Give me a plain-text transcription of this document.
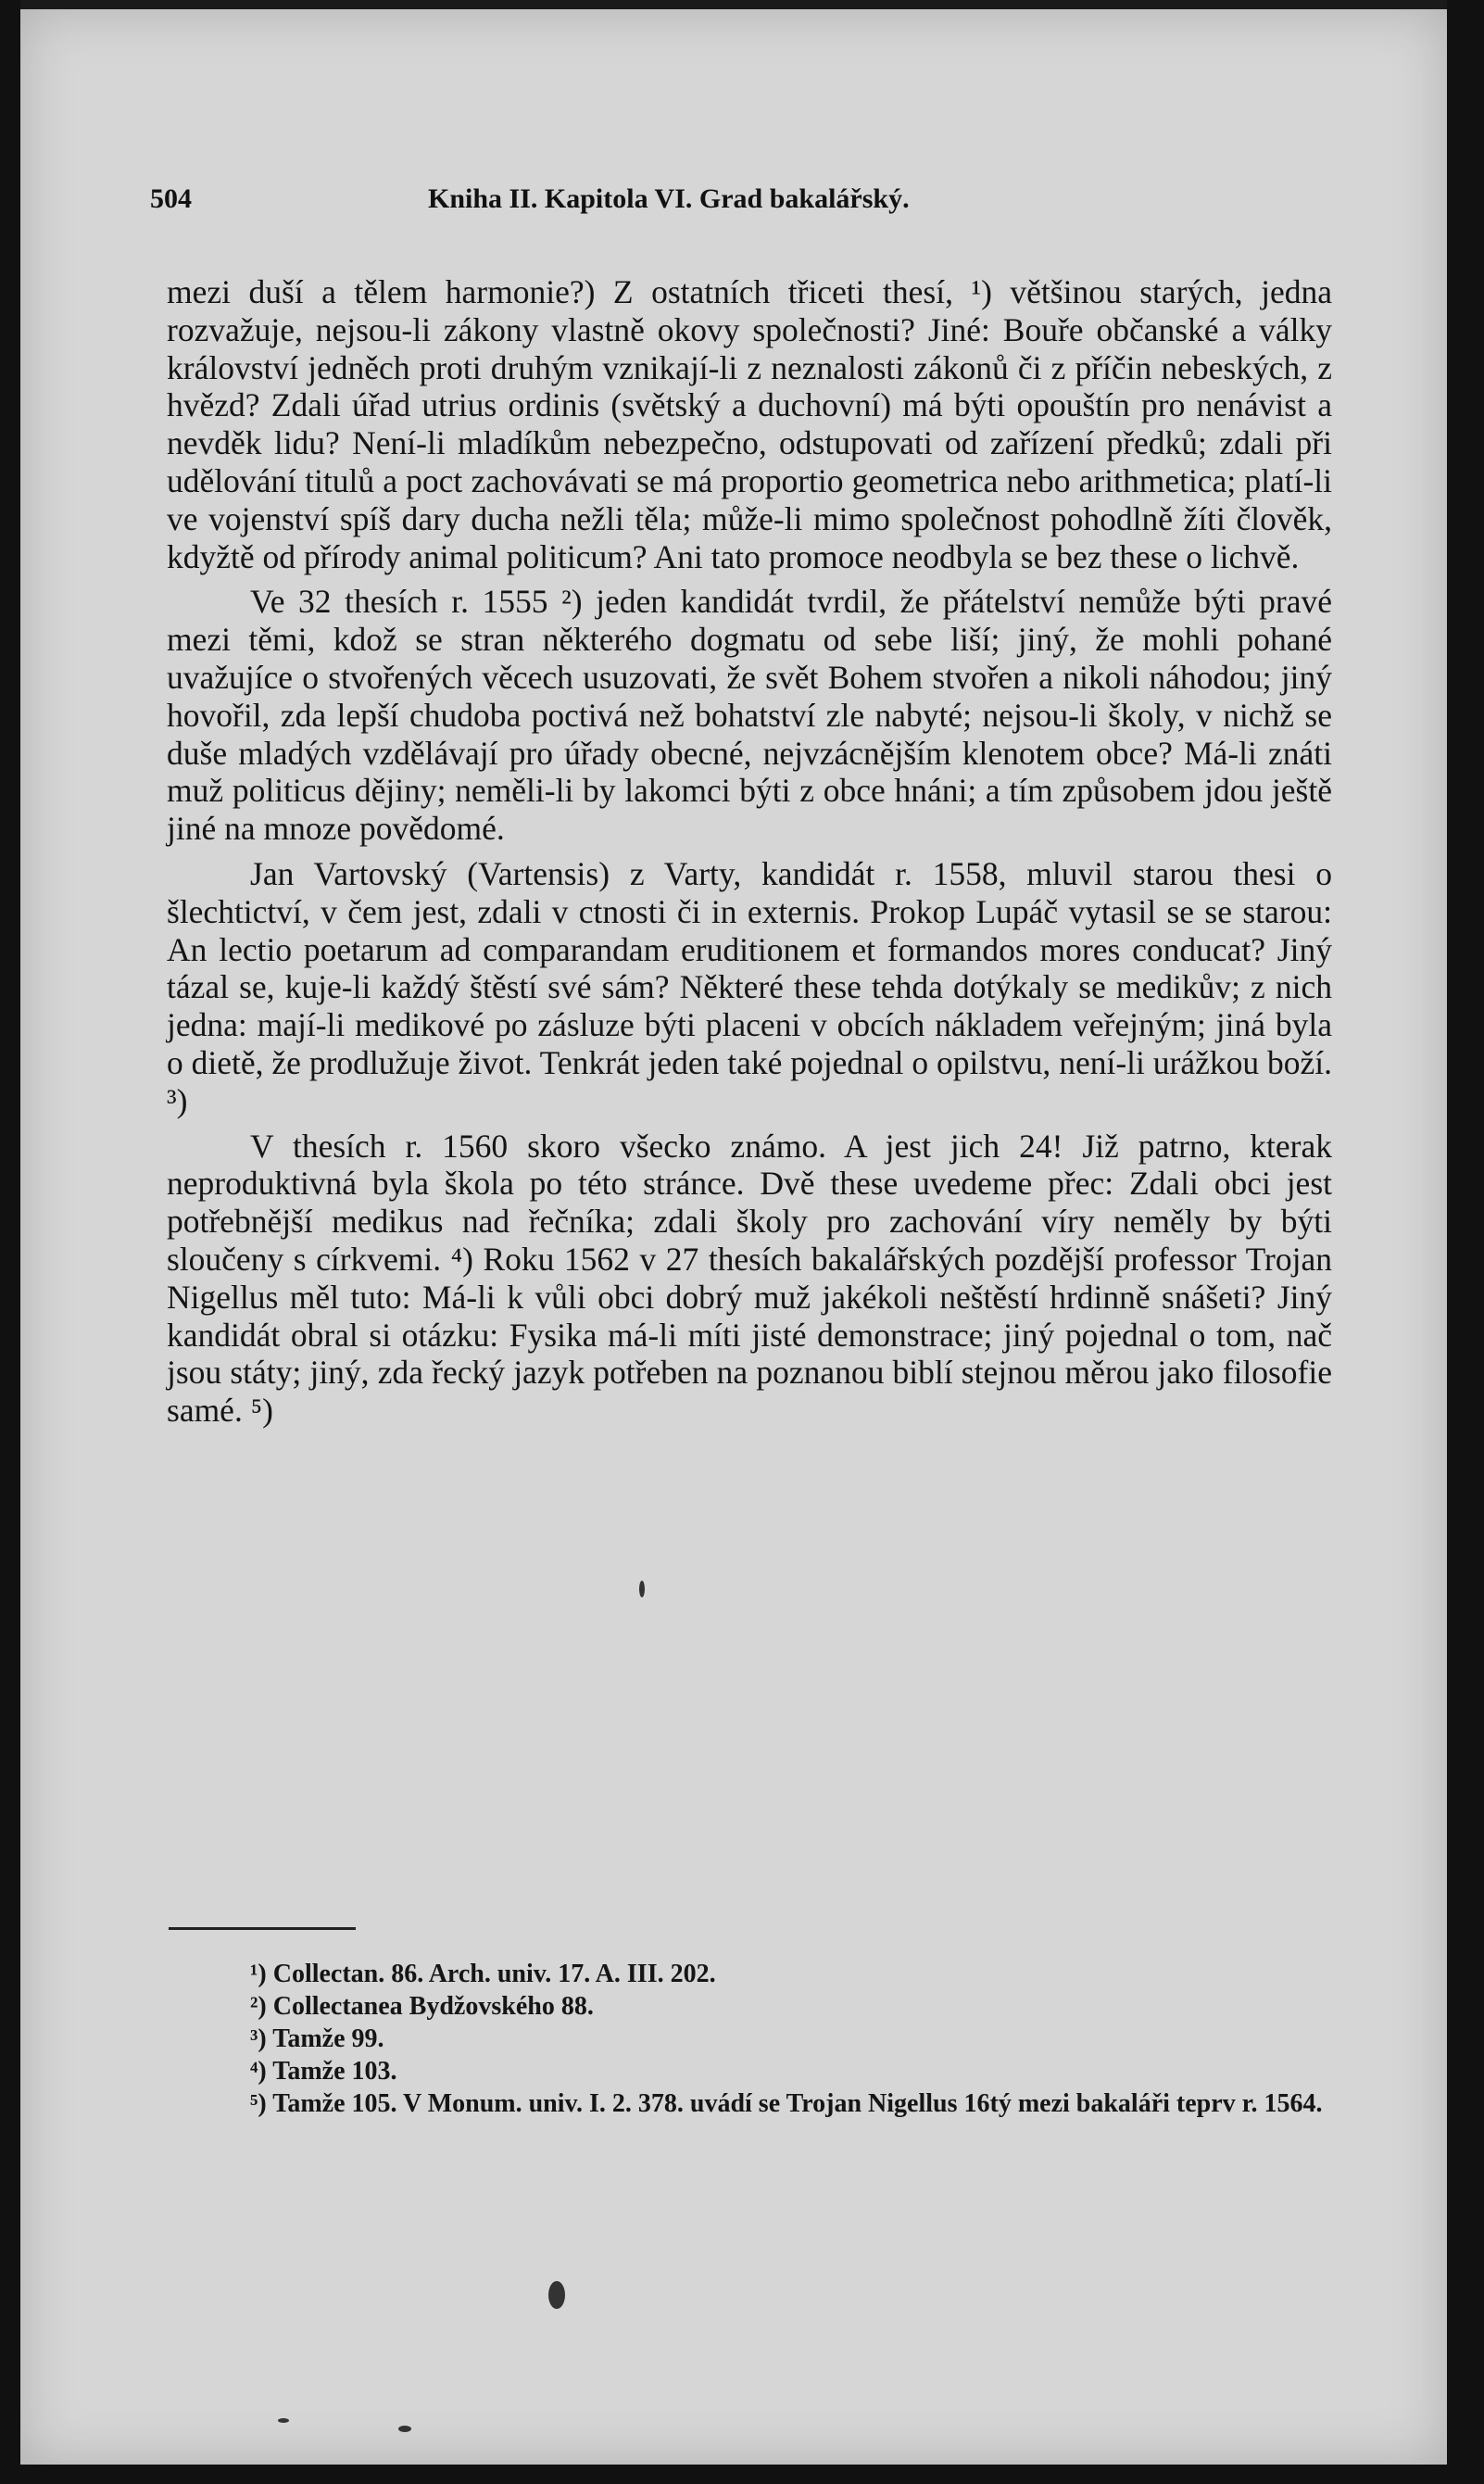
504	Kniha II. Kapitola VI. Grad bakalářský.

mezi duší a tělem harmonie?) Z ostatních třiceti thesí, ¹) většinou starých, jedna rozvažuje, nejsou-li zákony vlastně okovy společnosti? Jiné: Bouře občanské a války království jedněch proti druhým vznikají-li z neznalosti zákonů či z příčin nebeských, z hvězd? Zdali úřad utrius ordinis (světský a duchovní) má býti opouštín pro nenávist a nevděk lidu? Není-li mladíkům nebezpečno, odstupovati od zařízení předků; zdali při udělování titulů a poct zachovávati se má proportio geometrica nebo arithmetica; platí-li ve vojenství spíš dary ducha nežli těla; může-li mimo společnost pohodlně žíti člověk, kdyžtě od přírody animal politicum? Ani tato promoce neodbyla se bez these o lichvě.

Ve 32 thesích r. 1555 ²) jeden kandidát tvrdil, že přátelství nemůže býti pravé mezi těmi, kdož se stran některého dogmatu od sebe liší; jiný, že mohli pohané uvažujíce o stvořených věcech usuzovati, že svět Bohem stvořen a nikoli náhodou; jiný hovořil, zda lepší chudoba poctivá než bohatství zle nabyté; nejsou-li školy, v nichž se duše mladých vzdělávají pro úřady obecné, nejvzácnějším klenotem obce? Má-li znáti muž politicus dějiny; neměli-li by lakomci býti z obce hnáni; a tím způsobem jdou ještě jiné na mnoze povědomé.

Jan Vartovský (Vartensis) z Varty, kandidát r. 1558, mluvil starou thesi o šlechtictví, v čem jest, zdali v ctnosti či in externis. Prokop Lupáč vytasil se se starou: An lectio poetarum ad comparandam eruditionem et formandos mores conducat? Jiný tázal se, kuje-li každý štěstí své sám? Některé these tehda dotýkaly se medikův; z nich jedna: mají-li medikové po zásluze býti placeni v obcích nákladem veřejným; jiná byla o dietě, že prodlužuje život. Tenkrát jeden také pojednal o opilstvu, není-li urážkou boží. ³)

V thesích r. 1560 skoro všecko známo. A jest jich 24! Již patrno, kterak neproduktivná byla škola po této stránce. Dvě these uvedeme přec: Zdali obci jest potřebnější medikus nad řečníka; zdali školy pro zachování víry neměly by býti sloučeny s církvemi. ⁴) Roku 1562 v 27 thesích bakalářských pozdější professor Trojan Nigellus měl tuto: Má-li k vůli obci dobrý muž jakékoli neštěstí hrdinně snášeti? Jiný kandidát obral si otázku: Fysika má-li míti jisté demonstrace; jiný pojednal o tom, nač jsou státy; jiný, zda řecký jazyk potřeben na poznanou biblí stejnou měrou jako filosofie samé. ⁵)

¹) Collectan. 86. Arch. univ. 17. A. III. 202.

²) Collectanea Bydžovského 88.

³) Tamže 99.

⁴) Tamže 103.

⁵) Tamže 105. V Monum. univ. I. 2. 378. uvádí se Trojan Nigellus 16tý mezi bakaláři teprv r. 1564.
